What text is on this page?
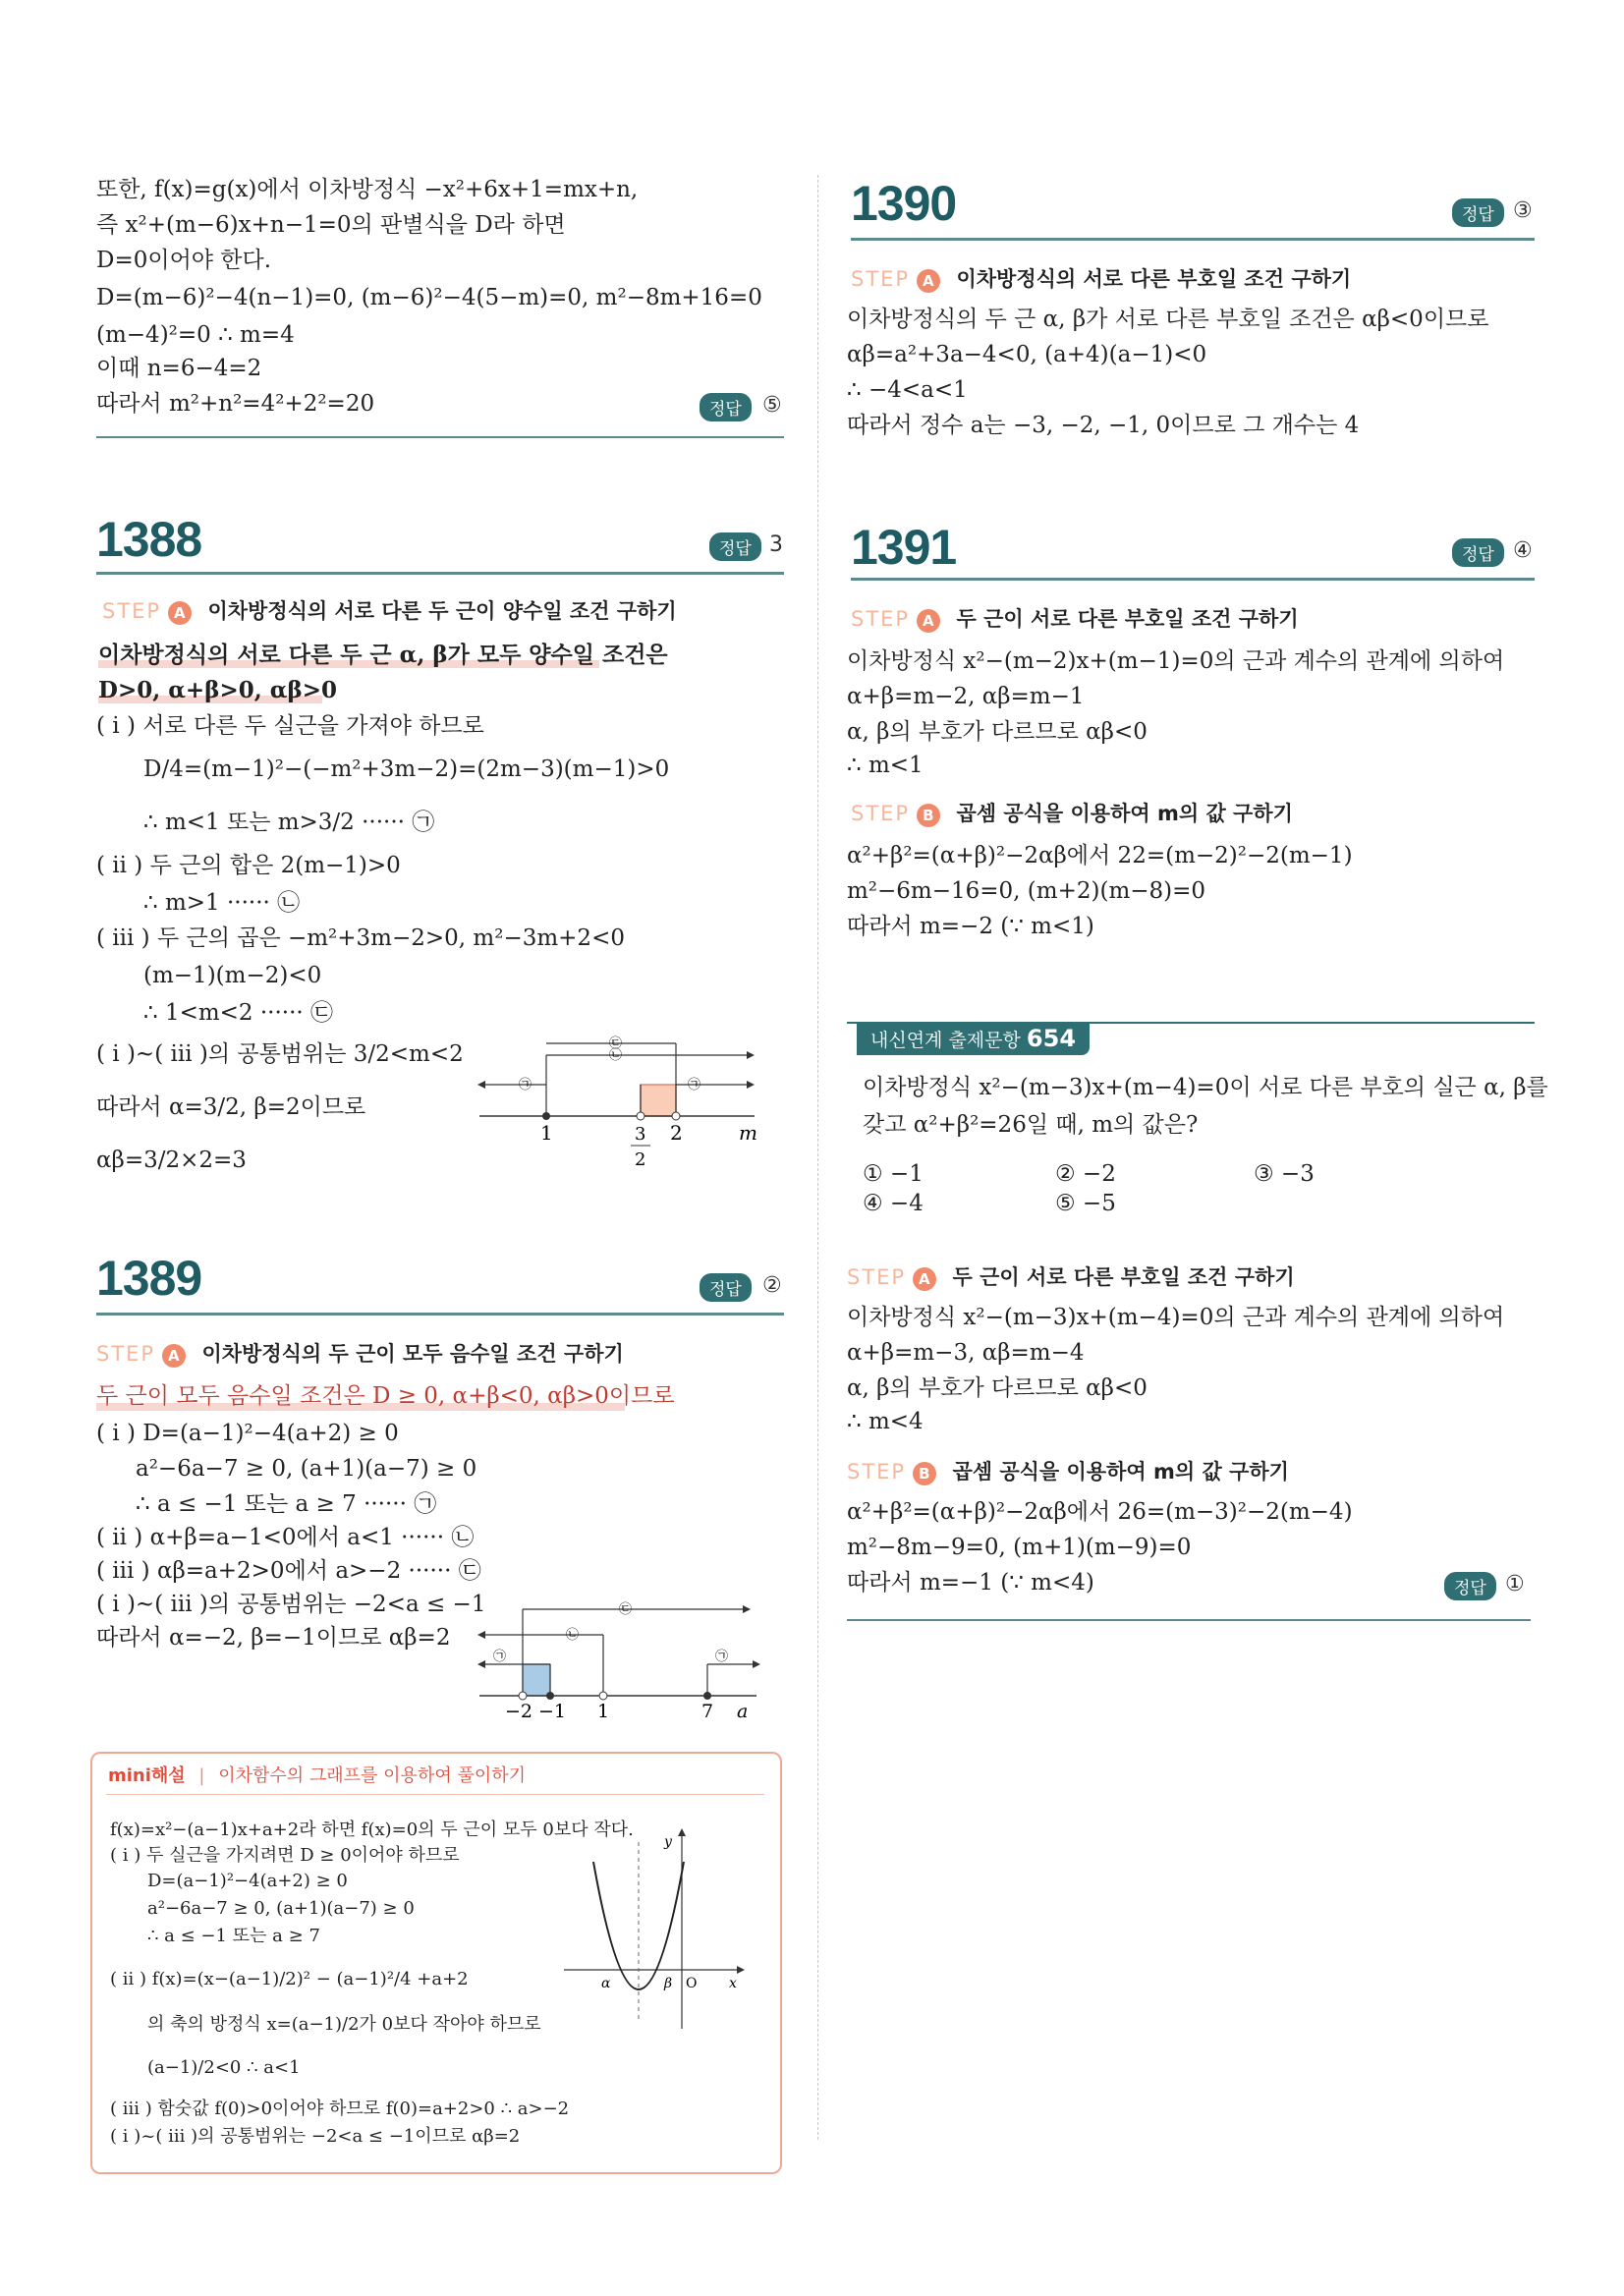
또한, f(x)=g(x)에서 이차방정식 −x²+6x+1=mx+n,
즉 x²+(m−6)x+n−1=0의 판별식을 D라 하면
D=0이어야 한다.
D=(m−6)²−4(n−1)=0, (m−6)²−4(5−m)=0, m²−8m+16=0
(m−4)²=0 ∴ m=4
이때 n=6−4=2
따라서 m²+n²=4²+2²=20	정답 ⑤
1388	정답 3
STEP A 이차방정식의 서로 다른 두 근이 양수일 조건 구하기
이차방정식의 서로 다른 두 근 α, β가 모두 양수일 조건은
D>0, α+β>0, αβ>0
( i ) 서로 다른 두 실근을 가져야 하므로
D/4=(m−1)²−(−m²+3m−2)=(2m−3)(m−1)>0
∴ m<1 또는 m>3/2 ······ ㉠
( ii ) 두 근의 합은 2(m−1)>0
∴ m>1 ······ ㉡
( iii ) 두 근의 곱은 −m²+3m−2>0, m²−3m+2<0
(m−1)(m−2)<0
∴ 1<m<2 ······ ㉢
( i )~( iii )의 공통범위는 3/2<m<2
따라서 α=3/2, β=2이므로
αβ=3/2×2=3
㉠
㉡
㉢
㉠
1	3
2
2	m
1389	정답 ②
STEP A 이차방정식의 두 근이 모두 음수일 조건 구하기
두 근이 모두 음수일 조건은 D ≥ 0, α+β<0, αβ>0이므로
( i ) D=(a−1)²−4(a+2) ≥ 0
a²−6a−7 ≥ 0, (a+1)(a−7) ≥ 0
∴ a ≤ −1 또는 a ≥ 7 ······ ㉠
( ii ) α+β=a−1<0에서 a<1 ······ ㉡
( iii ) αβ=a+2>0에서 a>−2 ······ ㉢
( i )~( iii )의 공통범위는 −2<a ≤ −1
따라서 α=−2, β=−1이므로 αβ=2
㉢
㉡
㉠	㉠
−2 −1 1	7 a
f(x)=x²−(a−1)x+a+2라 하면 f(x)=0의 두 근이 모두 0보다 작다.
( i ) 두 실근을 가지려면 D ≥ 0이어야 하므로
D=(a−1)²−4(a+2) ≥ 0
a²−6a−7 ≥ 0, (a+1)(a−7) ≥ 0
∴ a ≤ −1 또는 a ≥ 7
( ii ) f(x)=(x−(a−1)/2)² − (a−1)²/4 +a+2
의 축의 방정식 x=(a−1)/2가 0보다 작아야 하므로
(a−1)/2<0 ∴ a<1
( iii ) 함숫값 f(0)>0이어야 하므로 f(0)=a+2>0 ∴ a>−2
( i )~( iii )의 공통범위는 −2<a ≤ −1이므로 αβ=2
y
α	β O x
mini해설 | 이차함수의 그래프를 이용하여 풀이하기
1390	정답 ③
STEP A 이차방정식의 서로 다른 부호일 조건 구하기
이차방정식의 두 근 α, β가 서로 다른 부호일 조건은 αβ<0이므로
αβ=a²+3a−4<0, (a+4)(a−1)<0
∴ −4<a<1
따라서 정수 a는 −3, −2, −1, 0이므로 그 개수는 4
1391	정답 ④
STEP A 두 근이 서로 다른 부호일 조건 구하기
이차방정식 x²−(m−2)x+(m−1)=0의 근과 계수의 관계에 의하여
α+β=m−2, αβ=m−1
α, β의 부호가 다르므로 αβ<0
∴ m<1
STEP B 곱셈 공식을 이용하여 m의 값 구하기
α²+β²=(α+β)²−2αβ에서 22=(m−2)²−2(m−1)
m²−6m−16=0, (m+2)(m−8)=0
따라서 m=−2 (∵ m<1)
내신연계 출제문항 654
이차방정식 x²−(m−3)x+(m−4)=0이 서로 다른 부호의 실근 α, β를
갖고 α²+β²=26일 때, m의 값은?
① −1	② −2	③ −3
④ −4	⑤ −5
STEP A 두 근이 서로 다른 부호일 조건 구하기
이차방정식 x²−(m−3)x+(m−4)=0의 근과 계수의 관계에 의하여
α+β=m−3, αβ=m−4
α, β의 부호가 다르므로 αβ<0
∴ m<4
STEP B 곱셈 공식을 이용하여 m의 값 구하기
α²+β²=(α+β)²−2αβ에서 26=(m−3)²−2(m−4)
m²−8m−9=0, (m+1)(m−9)=0
따라서 m=−1 (∵ m<4)	정답 ①
